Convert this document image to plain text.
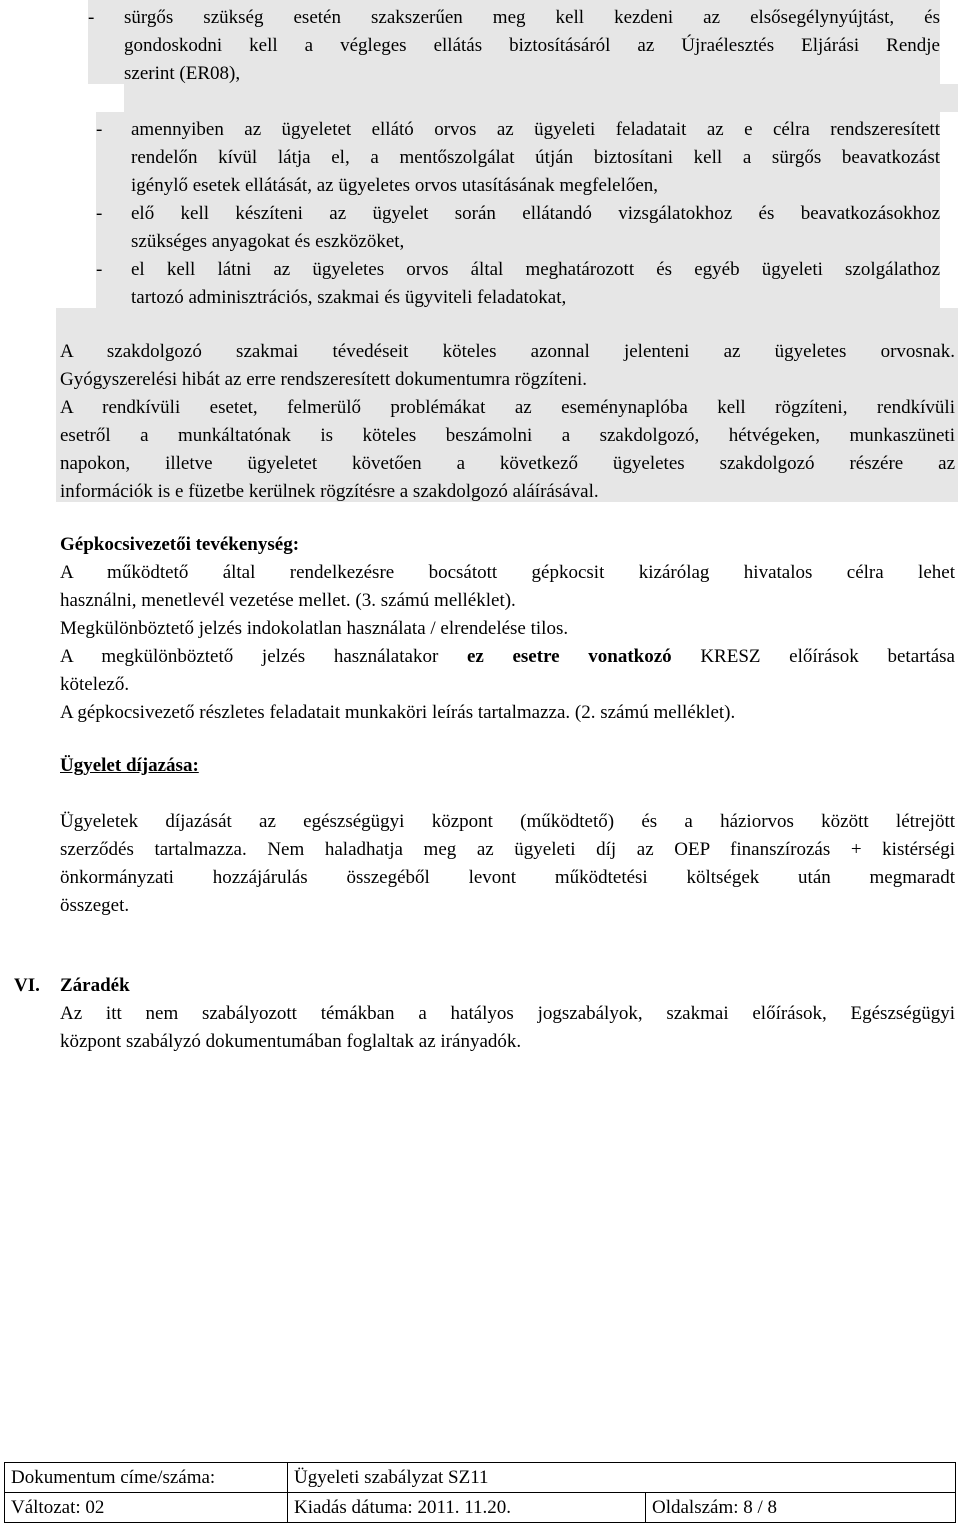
- sürgős szükség esetén szakszerűen meg kell kezdeni az elsősegélynyújtást, és
gondoskodni kell a végleges ellátás biztosításáról az Újraélesztés Eljárási Rendje
szerint (ER08),
- amennyiben az ügyeletet ellátó orvos az ügyeleti feladatait az e célra rendszeresített
rendelőn kívül látja el, a mentőszolgálat útján biztosítani kell a sürgős beavatkozást
igénylő esetek ellátását, az ügyeletes orvos utasításának megfelelően,
- elő kell készíteni az ügyelet során ellátandó vizsgálatokhoz és beavatkozásokhoz
szükséges anyagokat és eszközöket,
- el kell látni az ügyeletes orvos által meghatározott és egyéb ügyeleti szolgálathoz
tartozó adminisztrációs, szakmai és ügyviteli feladatokat,
A szakdolgozó szakmai tévedéseit köteles azonnal jelenteni az ügyeletes orvosnak.
Gyógyszerelési hibát az erre rendszeresített dokumentumra rögzíteni.
A rendkívüli esetet, felmerülő problémákat az eseménynaplóba kell rögzíteni, rendkívüli
esetről a munkáltatónak is köteles beszámolni a szakdolgozó, hétvégeken, munkaszüneti
napokon, illetve ügyeletet követően a következő ügyeletes szakdolgozó részére az
információk is e füzetbe kerülnek rögzítésre a szakdolgozó aláírásával.
Gépkocsivezetői tevékenység:
A működtető által rendelkezésre bocsátott gépkocsit kizárólag hivatalos célra lehet
használni, menetlevél vezetése mellet. (3. számú melléklet).
Megkülönböztető jelzés indokolatlan használata / elrendelése tilos.
A megkülönböztető jelzés használatakor ez esetre vonatkozó KRESZ előírások betartása
kötelező.
A gépkocsivezető részletes feladatait munkaköri leírás tartalmazza. (2. számú melléklet).
Ügyelet díjazása:
Ügyeletek díjazását az egészségügyi központ (működtető) és a háziorvos között létrejött
szerződés tartalmazza. Nem haladhatja meg az ügyeleti díj az OEP finanszírozás + kistérségi
önkormányzati hozzájárulás összegéből levont működtetési költségek után megmaradt
összeget.
VI. Záradék
Az itt nem szabályozott témákban a hatályos jogszabályok, szakmai előírások, Egészségügyi
központ szabályzó dokumentumában foglaltak az irányadók.
Dokumentum címe/száma:	Ügyeleti szabályzat SZ11	
Változat: 02	Kiadás dátuma: 2011. 11.20.	Oldalszám: 8 / 8
